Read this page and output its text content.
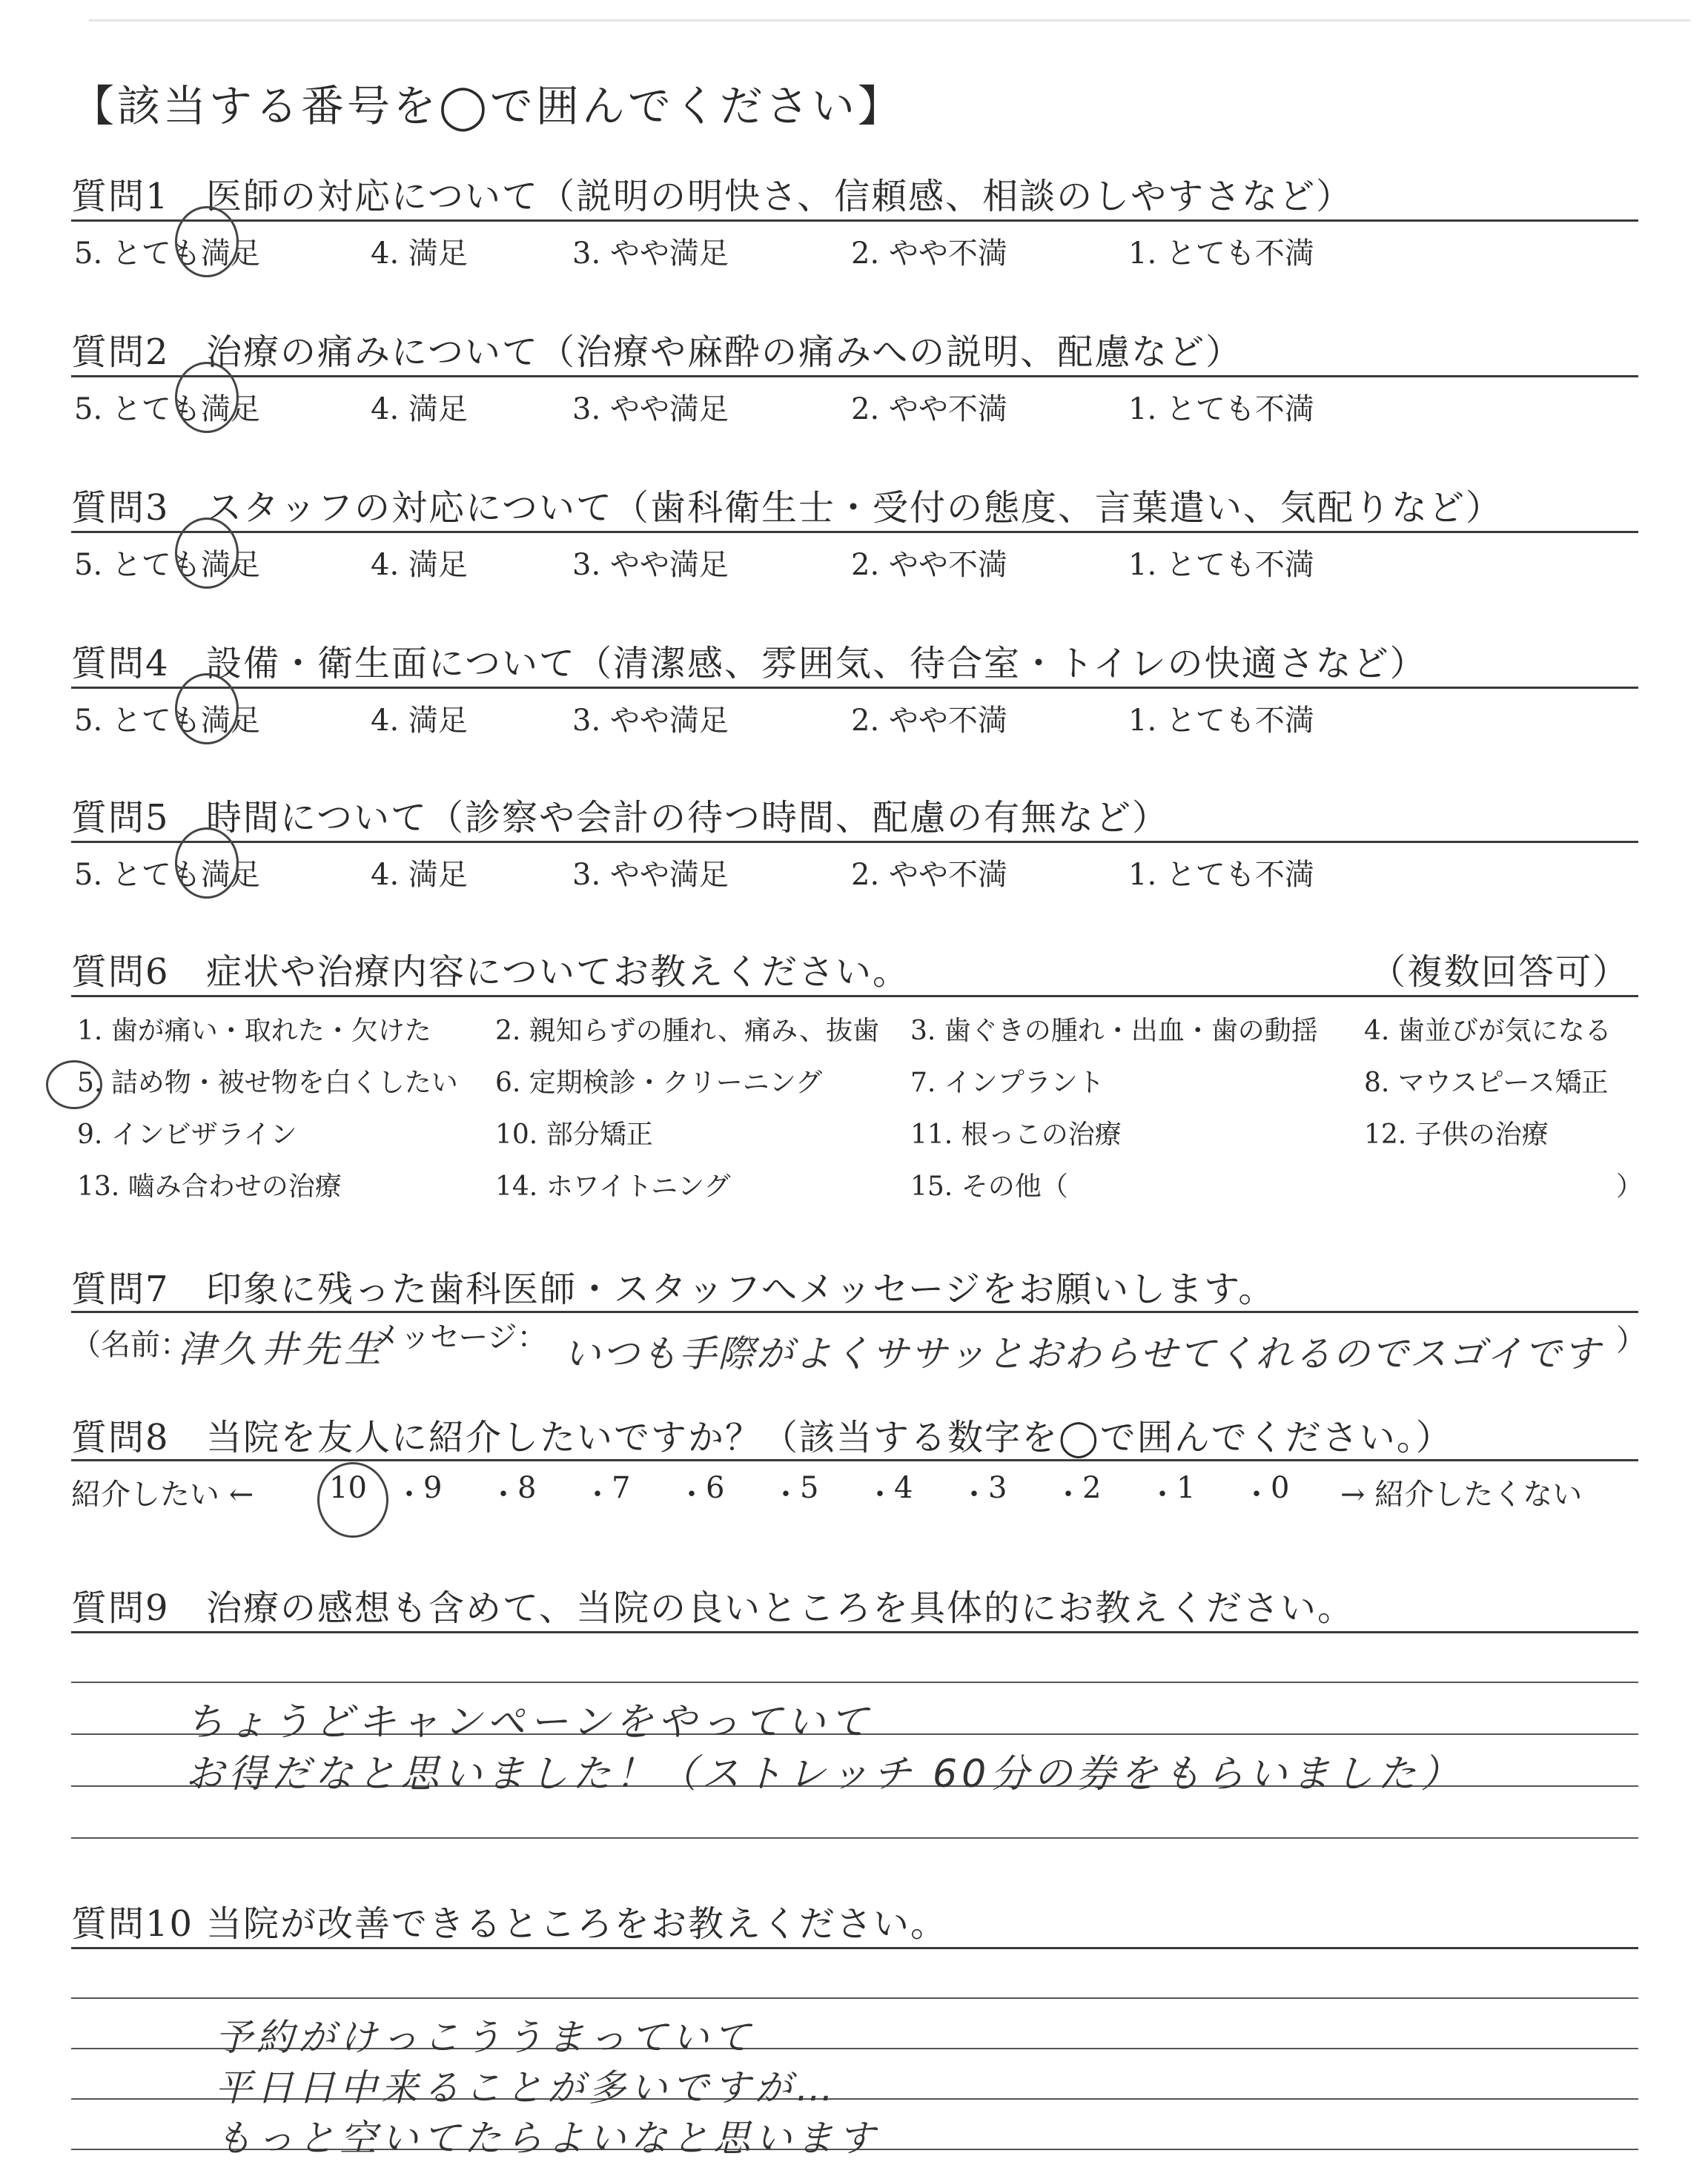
【該当する番号を◯で囲んでください】
質問1 医師の対応について（説明の明快さ、信頼感、相談のしやすさなど）
5. とても満足	4. 満足	3. やや満足	2. やや不満	1. とても不満
質問2 治療の痛みについて（治療や麻酔の痛みへの説明、配慮など）
5. とても満足	4. 満足	3. やや満足	2. やや不満	1. とても不満
質問3 スタッフの対応について（歯科衛生士・受付の態度、言葉遣い、気配りなど）
5. とても満足	4. 満足	3. やや満足	2. やや不満	1. とても不満
質問4 設備・衛生面について（清潔感、雰囲気、待合室・トイレの快適さなど）
5. とても満足	4. 満足	3. やや満足	2. やや不満	1. とても不満
質問5 時間について（診察や会計の待つ時間、配慮の有無など）
5. とても満足	4. 満足	3. やや満足	2. やや不満	1. とても不満
質問6 症状や治療内容についてお教えください。	（複数回答可）
1. 歯が痛い・取れた・欠けた 2. 親知らずの腫れ、痛み、抜歯 3. 歯ぐきの腫れ・出血・歯の動揺 4. 歯並びが気になる
5. 詰め物・被せ物を白くしたい 6. 定期検診・クリーニング	7. インプラント	8. マウスピース矯正
9. インビザライン	10. 部分矯正	11. 根っこの治療	12. 子供の治療
13. 嚙み合わせの治療	14. ホワイトニング	15. その他（	）
質問7 印象に残った歯科医師・スタッフへメッセージをお願いします。
（名前：
津久井先生
メッセージ： いつも手際がよくササッとおわらせてくれるのでスゴイです ）
質問8 当院を友人に紹介したいですか？（該当する数字を◯で囲んでください。）
紹介したい ←	10 ・ 9 ・ 8 ・ 7 ・ 6 ・ 5 ・ 4 ・ 3 ・ 2 ・ 1 ・ 0 → 紹介したくない
質問9 治療の感想も含めて、当院の良いところを具体的にお教えください。
ちょうどキャンペーンをやっていて
お得だなと思いました！（ストレッチ 60分の券をもらいました）
質問10 当院が改善できるところをお教えください。
予約がけっこううまっていて
平日日中来ることが多いですが…
もっと空いてたらよいなと思います
